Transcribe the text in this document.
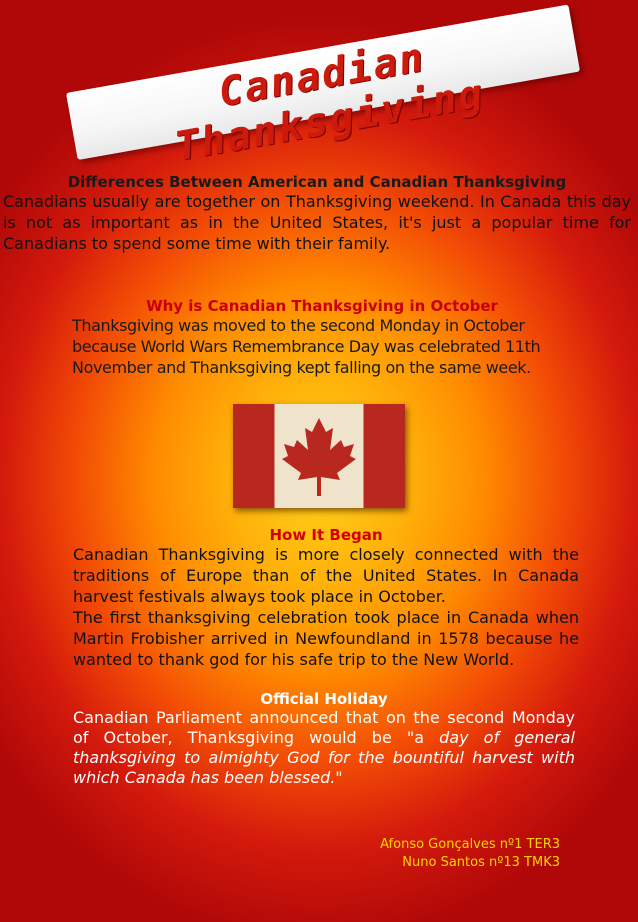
Canadian Thanksgiving
Differences Between American and Canadian Thanksgiving
Canadians usually are together on Thanksgiving weekend. In Canada this day is not as important as in the United States, it's just a popular time for Canadians to spend some time with their family.
Why is Canadian Thanksgiving in October
Thanksgiving was moved to the second Monday in October because World Wars Remembrance Day was celebrated 11th November and Thanksgiving kept falling on the same week.
How It Began
Canadian Thanksgiving is more closely connected with the traditions of Europe than of the United States. In Canada harvest festivals always took place in October.
The first thanksgiving celebration took place in Canada when Martin Frobisher arrived in Newfoundland in 1578 because he wanted to thank god for his safe trip to the New World.
Official Holiday
Canadian Parliament announced that on the second Monday of October, Thanksgiving would be "a day of general thanksgiving to almighty God for the bountiful harvest with which Canada has been blessed."
Afonso Gonçalves nº1 TER3
Nuno Santos nº13 TMK3
